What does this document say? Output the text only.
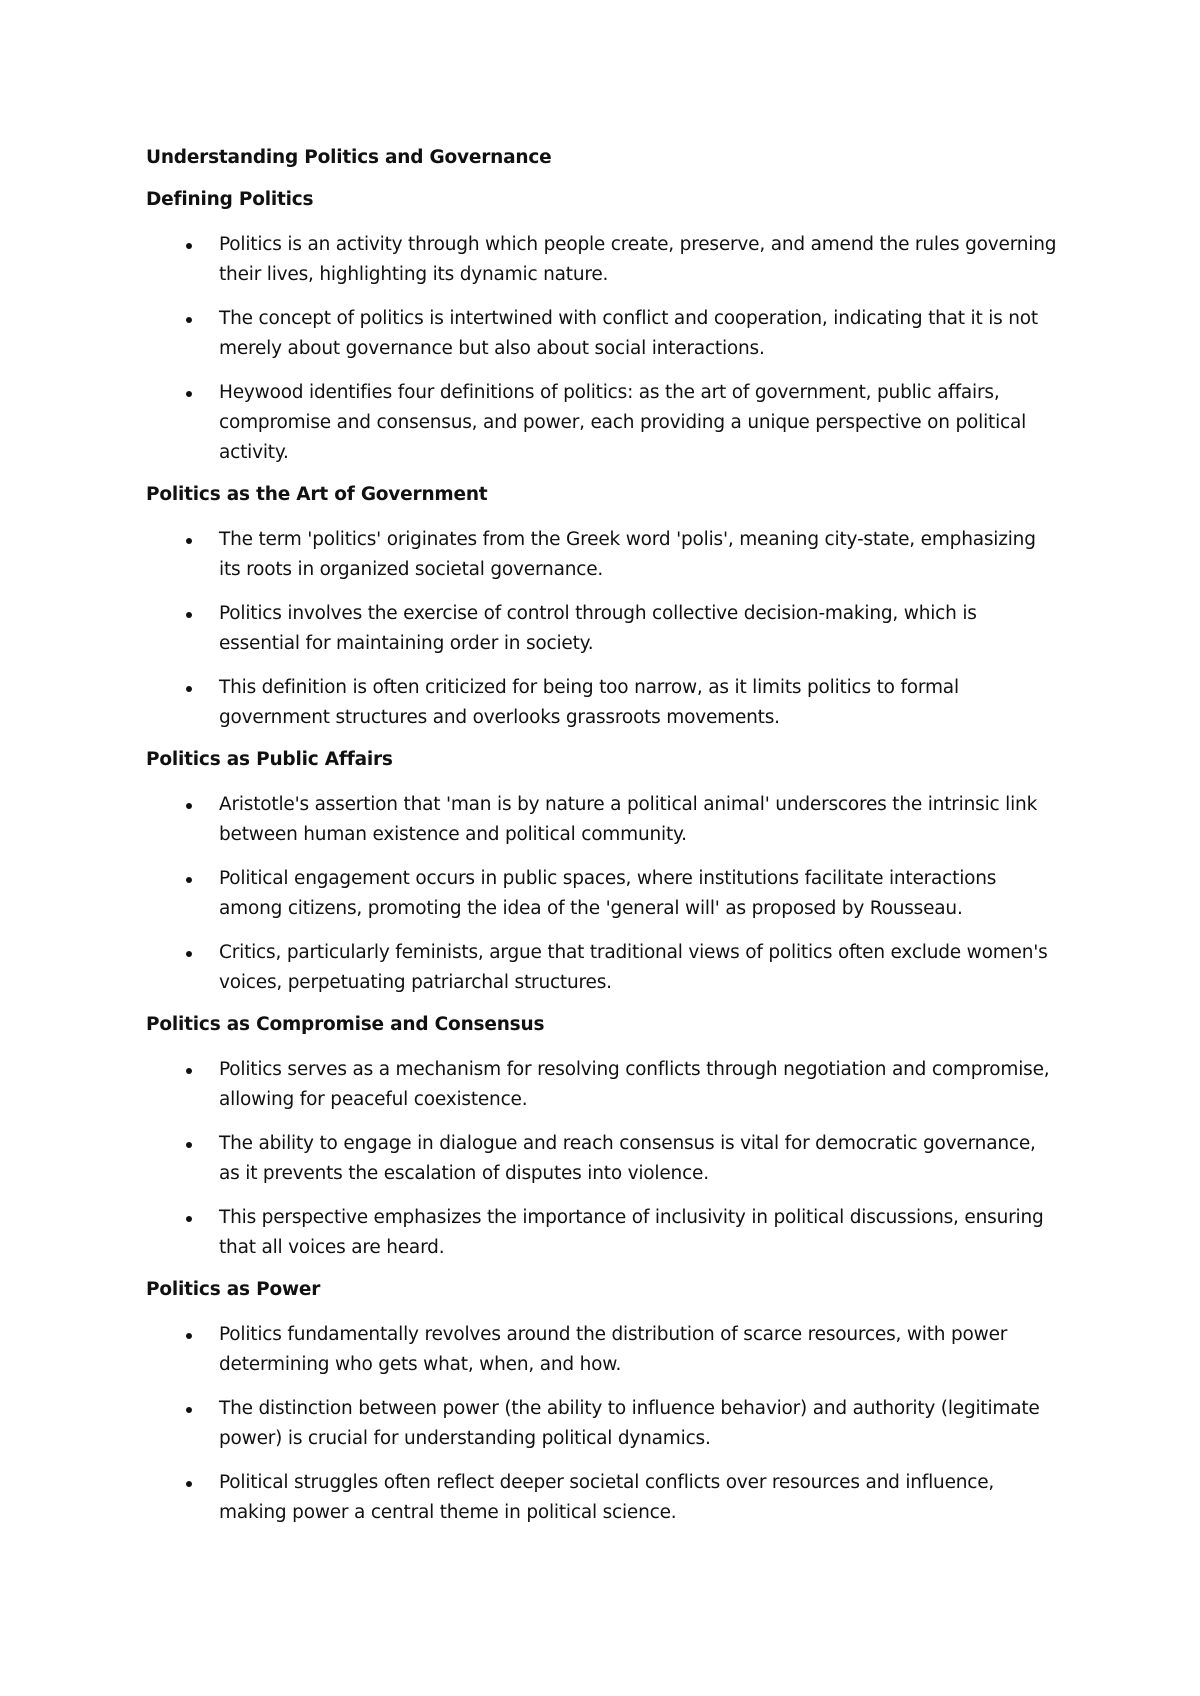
Understanding Politics and Governance
Defining Politics
Politics is an activity through which people create, preserve, and amend the rules governing their lives, highlighting its dynamic nature.
The concept of politics is intertwined with conflict and cooperation, indicating that it is not merely about governance but also about social interactions.
Heywood identifies four definitions of politics: as the art of government, public affairs, compromise and consensus, and power, each providing a unique perspective on political activity.
Politics as the Art of Government
The term 'politics' originates from the Greek word 'polis', meaning city-state, emphasizing its roots in organized societal governance.
Politics involves the exercise of control through collective decision-making, which is essential for maintaining order in society.
This definition is often criticized for being too narrow, as it limits politics to formal government structures and overlooks grassroots movements.
Politics as Public Affairs
Aristotle's assertion that 'man is by nature a political animal' underscores the intrinsic link between human existence and political community.
Political engagement occurs in public spaces, where institutions facilitate interactions among citizens, promoting the idea of the 'general will' as proposed by Rousseau.
Critics, particularly feminists, argue that traditional views of politics often exclude women's voices, perpetuating patriarchal structures.
Politics as Compromise and Consensus
Politics serves as a mechanism for resolving conflicts through negotiation and compromise, allowing for peaceful coexistence.
The ability to engage in dialogue and reach consensus is vital for democratic governance, as it prevents the escalation of disputes into violence.
This perspective emphasizes the importance of inclusivity in political discussions, ensuring that all voices are heard.
Politics as Power
Politics fundamentally revolves around the distribution of scarce resources, with power determining who gets what, when, and how.
The distinction between power (the ability to influence behavior) and authority (legitimate power) is crucial for understanding political dynamics.
Political struggles often reflect deeper societal conflicts over resources and influence, making power a central theme in political science.
